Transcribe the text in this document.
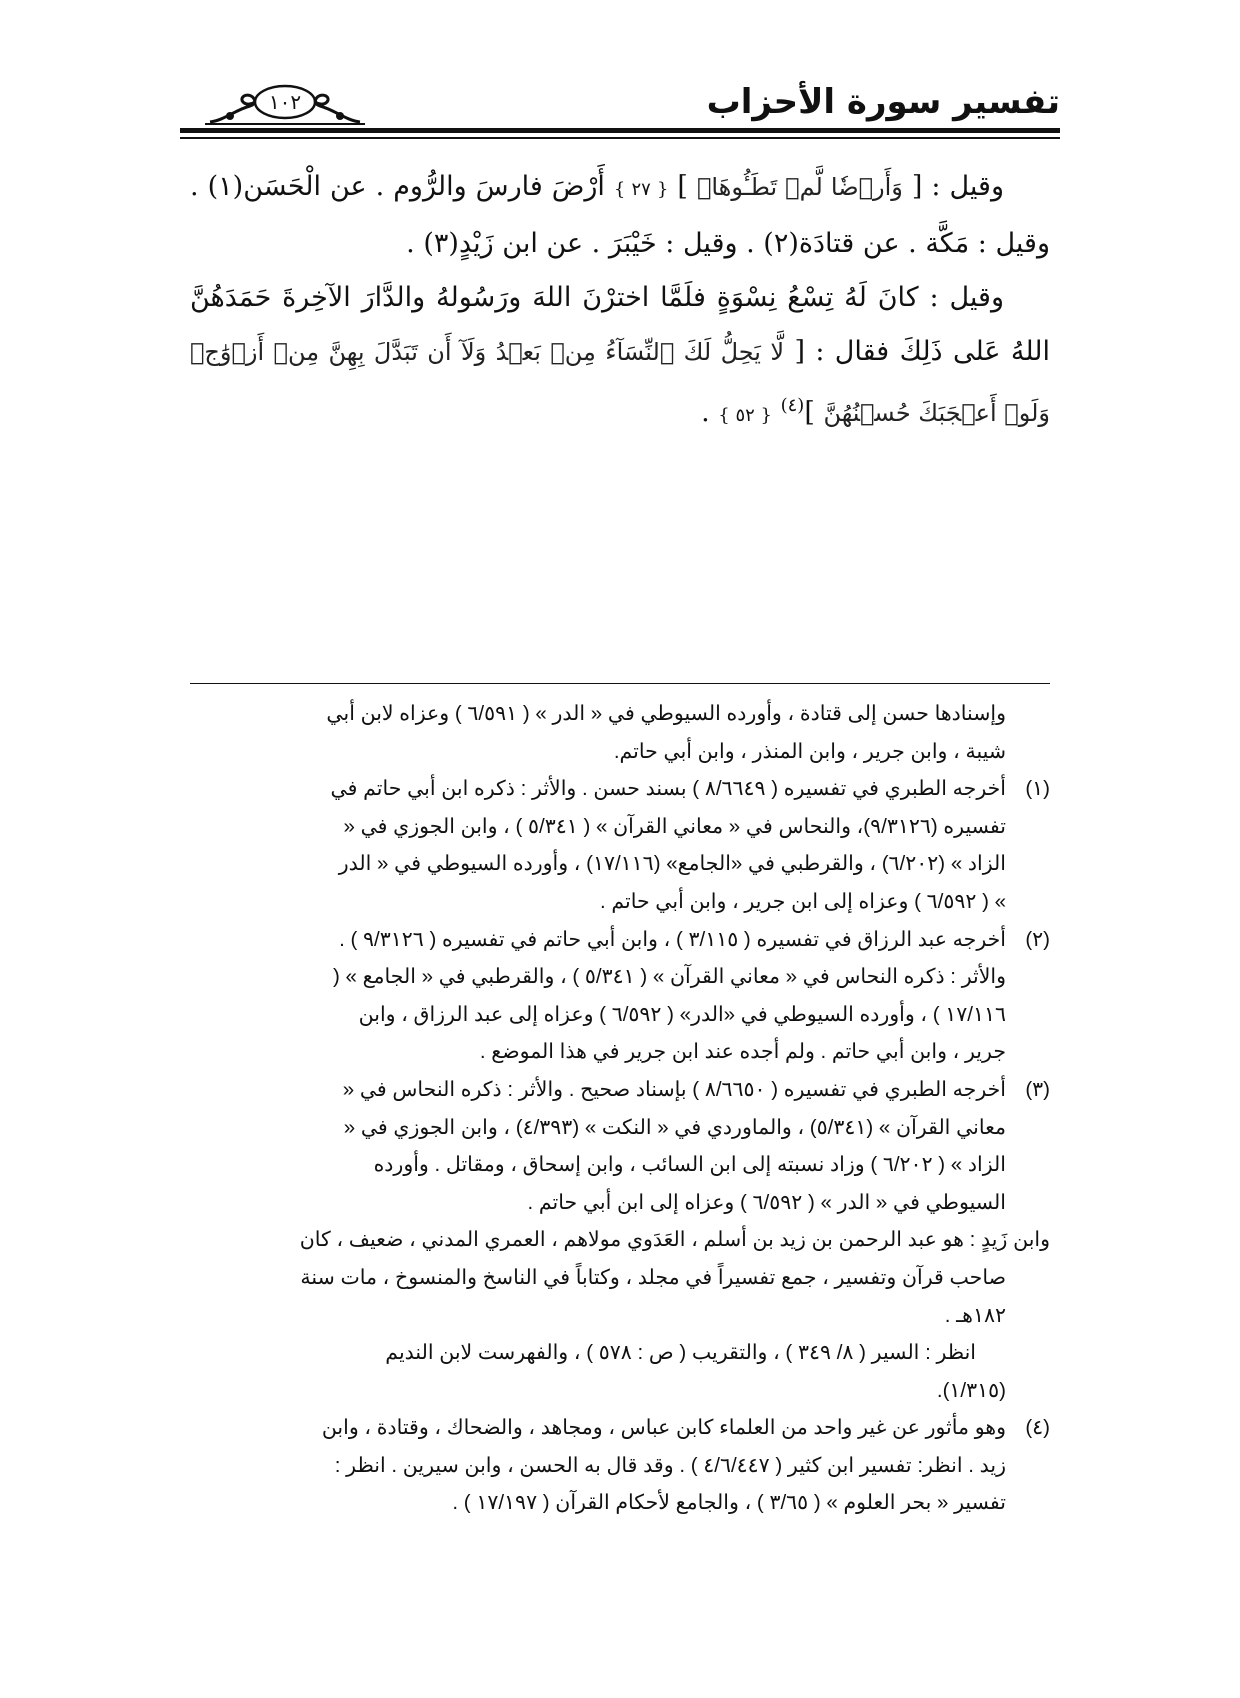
تفسير سورة الأحزاب
١٠٢

وقيل : [ وَأَرۡضٗا لَّمۡ تَطَـُٔوهَاۚ ] { ٢٧ } أَرْضَ فارسَ والرُّوم . عن الْحَسَن(١) . وقيل : مَكَّة . عن قتادَة(٢) . وقيل : خَيْبَرَ . عن ابن زَيْدٍ(٣) .

وقيل : كانَ لَهُ تِسْعُ نِسْوَةٍ فلَمَّا اخترْنَ اللهَ ورَسُولهُ والدَّارَ الآخِرةَ حَمَدَهُنَّ اللهُ عَلى ذَلِكَ فقال : [ لَّا يَحِلُّ لَكَ ٱلنِّسَآءُ مِنۢ بَعۡدُ وَلَآ أَن تَبَدَّلَ بِهِنَّ مِنۡ أَزۡوَٰجٖ وَلَوۡ أَعۡجَبَكَ حُسۡنُهُنَّ ]$^{(٤)}$ { ٥٢ } .

وإسنادها حسن إلى قتادة ، وأورده السيوطي في « الدر » ( ٦/٥٩١ ) وعزاه لابن أبي

شيبة ، وابن جرير ، وابن المنذر ، وابن أبي حاتم.

(١)أخرجه الطبري في تفسيره ( ٨/٦٦٤٩ ) بسند حسن . والأثر : ذكره ابن أبي حاتم في

تفسيره (٩/٣١٢٦)، والنحاس في « معاني القرآن » ( ٥/٣٤١ ) ، وابن الجوزي في «

الزاد » (٦/٢٠٢) ، والقرطبي في «الجامع» (١٧/١١٦) ، وأورده السيوطي في « الدر

» ( ٦/٥٩٢ ) وعزاه إلى ابن جرير ، وابن أبي حاتم .

(٢)أخرجه عبد الرزاق في تفسيره ( ٣/١١٥ ) ، وابن أبي حاتم في تفسيره ( ٩/٣١٢٦ ) .

والأثر : ذكره النحاس في « معاني القرآن » ( ٥/٣٤١ ) ، والقرطبي في « الجامع » (

١٧/١١٦ ) ، وأورده السيوطي في «الدر» ( ٦/٥٩٢ ) وعزاه إلى عبد الرزاق ، وابن

جرير ، وابن أبي حاتم . ولم أجده عند ابن جرير في هذا الموضع .

(٣)أخرجه الطبري في تفسيره ( ٨/٦٦٥٠ ) بإسناد صحيح . والأثر : ذكره النحاس في «

معاني القرآن » (٥/٣٤١) ، والماوردي في « النكت » (٤/٣٩٣) ، وابن الجوزي في «

الزاد » ( ٦/٢٠٢ ) وزاد نسبته إلى ابن السائب ، وابن إسحاق ، ومقاتل . وأورده

السيوطي في « الدر » ( ٦/٥٩٢ ) وعزاه إلى ابن أبي حاتم .

وابن زَيدٍ : هو عبد الرحمن بن زيد بن أسلم ، العَدَوي مولاهم ، العمري المدني ، ضعيف ، كان

صاحب قرآن وتفسير ، جمع تفسيراً في مجلد ، وكتاباً في الناسخ والمنسوخ ، مات سنة

١٨٢هـ .

انظر : السير ( ٨/ ٣٤٩ ) ، والتقريب ( ص : ٥٧٨ ) ، والفهرست لابن النديم

(١/٣١٥).

(٤)وهو مأثور عن غير واحد من العلماء كابن عباس ، ومجاهد ، والضحاك ، وقتادة ، وابن

زيد . انظر: تفسير ابن كثير ( ٤/٦/٤٤٧ ) . وقد قال به الحسن ، وابن سيرين . انظر :

تفسير « بحر العلوم » ( ٣/٦٥ ) ، والجامع لأحكام القرآن ( ١٧/١٩٧ ) .
